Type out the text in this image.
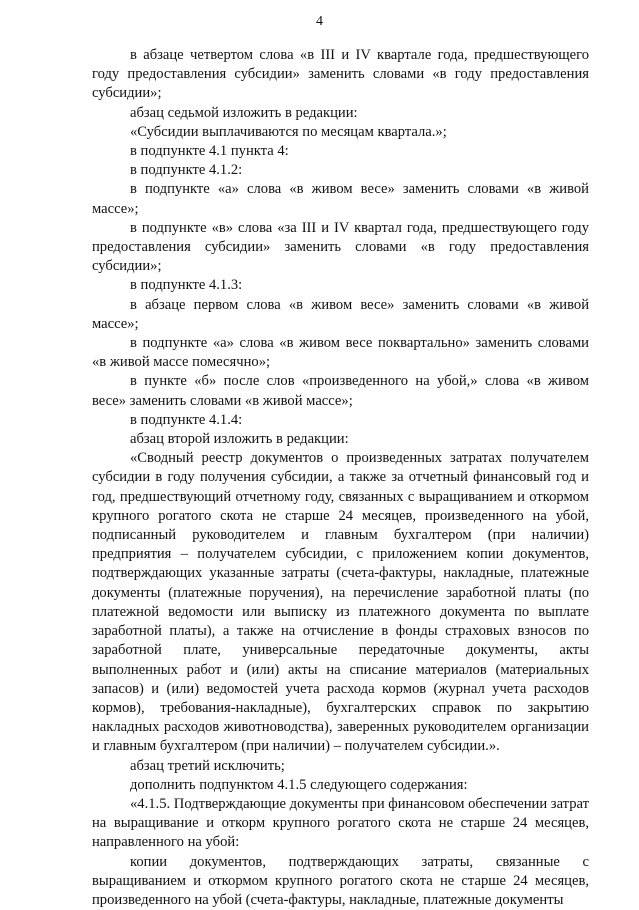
4

в абзаце четвертом слова «в III и IV квартале года, предшествующего году предоставления субсидии» заменить словами «в году предоставления субсидии»;

абзац седьмой изложить в редакции:

«Субсидии выплачиваются по месяцам квартала.»;

в подпункте 4.1 пункта 4:

в подпункте 4.1.2:

в подпункте «а» слова «в живом весе» заменить словами «в живой массе»;

в подпункте «в» слова «за III и IV квартал года, предшествующего году предоставления субсидии» заменить словами «в году предоставления субсидии»;

в подпункте 4.1.3:

в абзаце первом слова «в живом весе» заменить словами «в живой массе»;

в подпункте «а» слова «в живом весе поквартально» заменить словами «в живой массе помесячно»;

в пункте «б» после слов «произведенного на убой,» слова «в живом весе» заменить словами «в живой массе»;

в подпункте 4.1.4:

абзац второй изложить в редакции:

«Сводный реестр документов о произведенных затратах получателем субсидии в году получения субсидии, а также за отчетный финансовый год и год, предшествующий отчетному году, связанных с выращиванием и откормом крупного рогатого скота не старше 24 месяцев, произведенного на убой, подписанный руководителем и главным бухгалтером (при наличии) предприятия – получателем субсидии, с приложением копии документов, подтверждающих указанные затраты (счета-фактуры, накладные, платежные документы (платежные поручения), на перечисление заработной платы (по платежной ведомости или выписку из платежного документа по выплате заработной платы), а также на отчисление в фонды страховых взносов по заработной плате, универсальные передаточные документы, акты выполненных работ и (или) акты на списание материалов (материальных запасов) и (или) ведомостей учета расхода кормов (журнал учета расходов кормов), требования-накладные), бухгалтерских справок по закрытию накладных расходов животноводства), заверенных руководителем организации и главным бухгалтером (при наличии) – получателем субсидии.».

абзац третий исключить;

дополнить подпунктом 4.1.5 следующего содержания:

«4.1.5. Подтверждающие документы при финансовом обеспечении затрат на выращивание и откорм крупного рогатого скота не старше 24 месяцев, направленного на убой:

копии документов, подтверждающих затраты, связанные с выращиванием и откормом крупного рогатого скота не старше 24 месяцев, произведенного на убой (счета-фактуры, накладные, платежные документы
